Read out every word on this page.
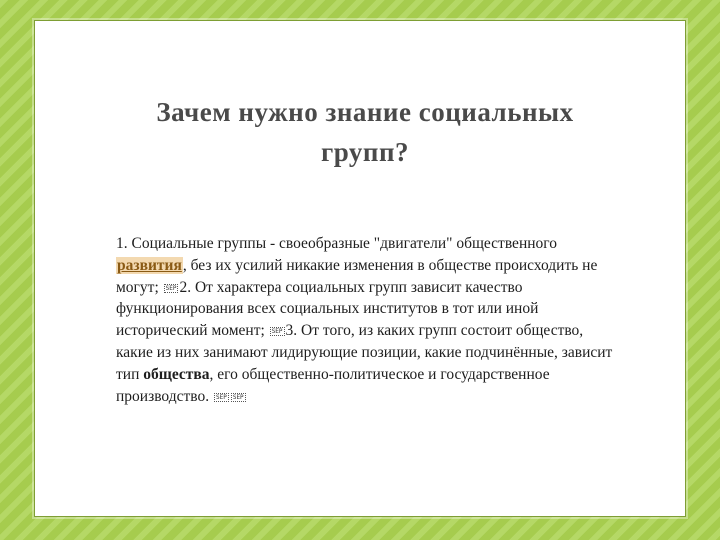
Зачем нужно знание социальных
групп?

1. Социальные группы - своеобразные "двигатели" общественного развития, без их усилий никакие изменения в обществе происходить не могут; SEP 2. От характера социальных групп зависит качество функционирования всех социальных институтов в тот или иной исторический момент; SEP 3. От того, из каких групп состоит общество, какие из них занимают лидирующие позиции, какие подчинённые, зависит тип общества, его общественно-политическое и государственное производство. SEP SEP
